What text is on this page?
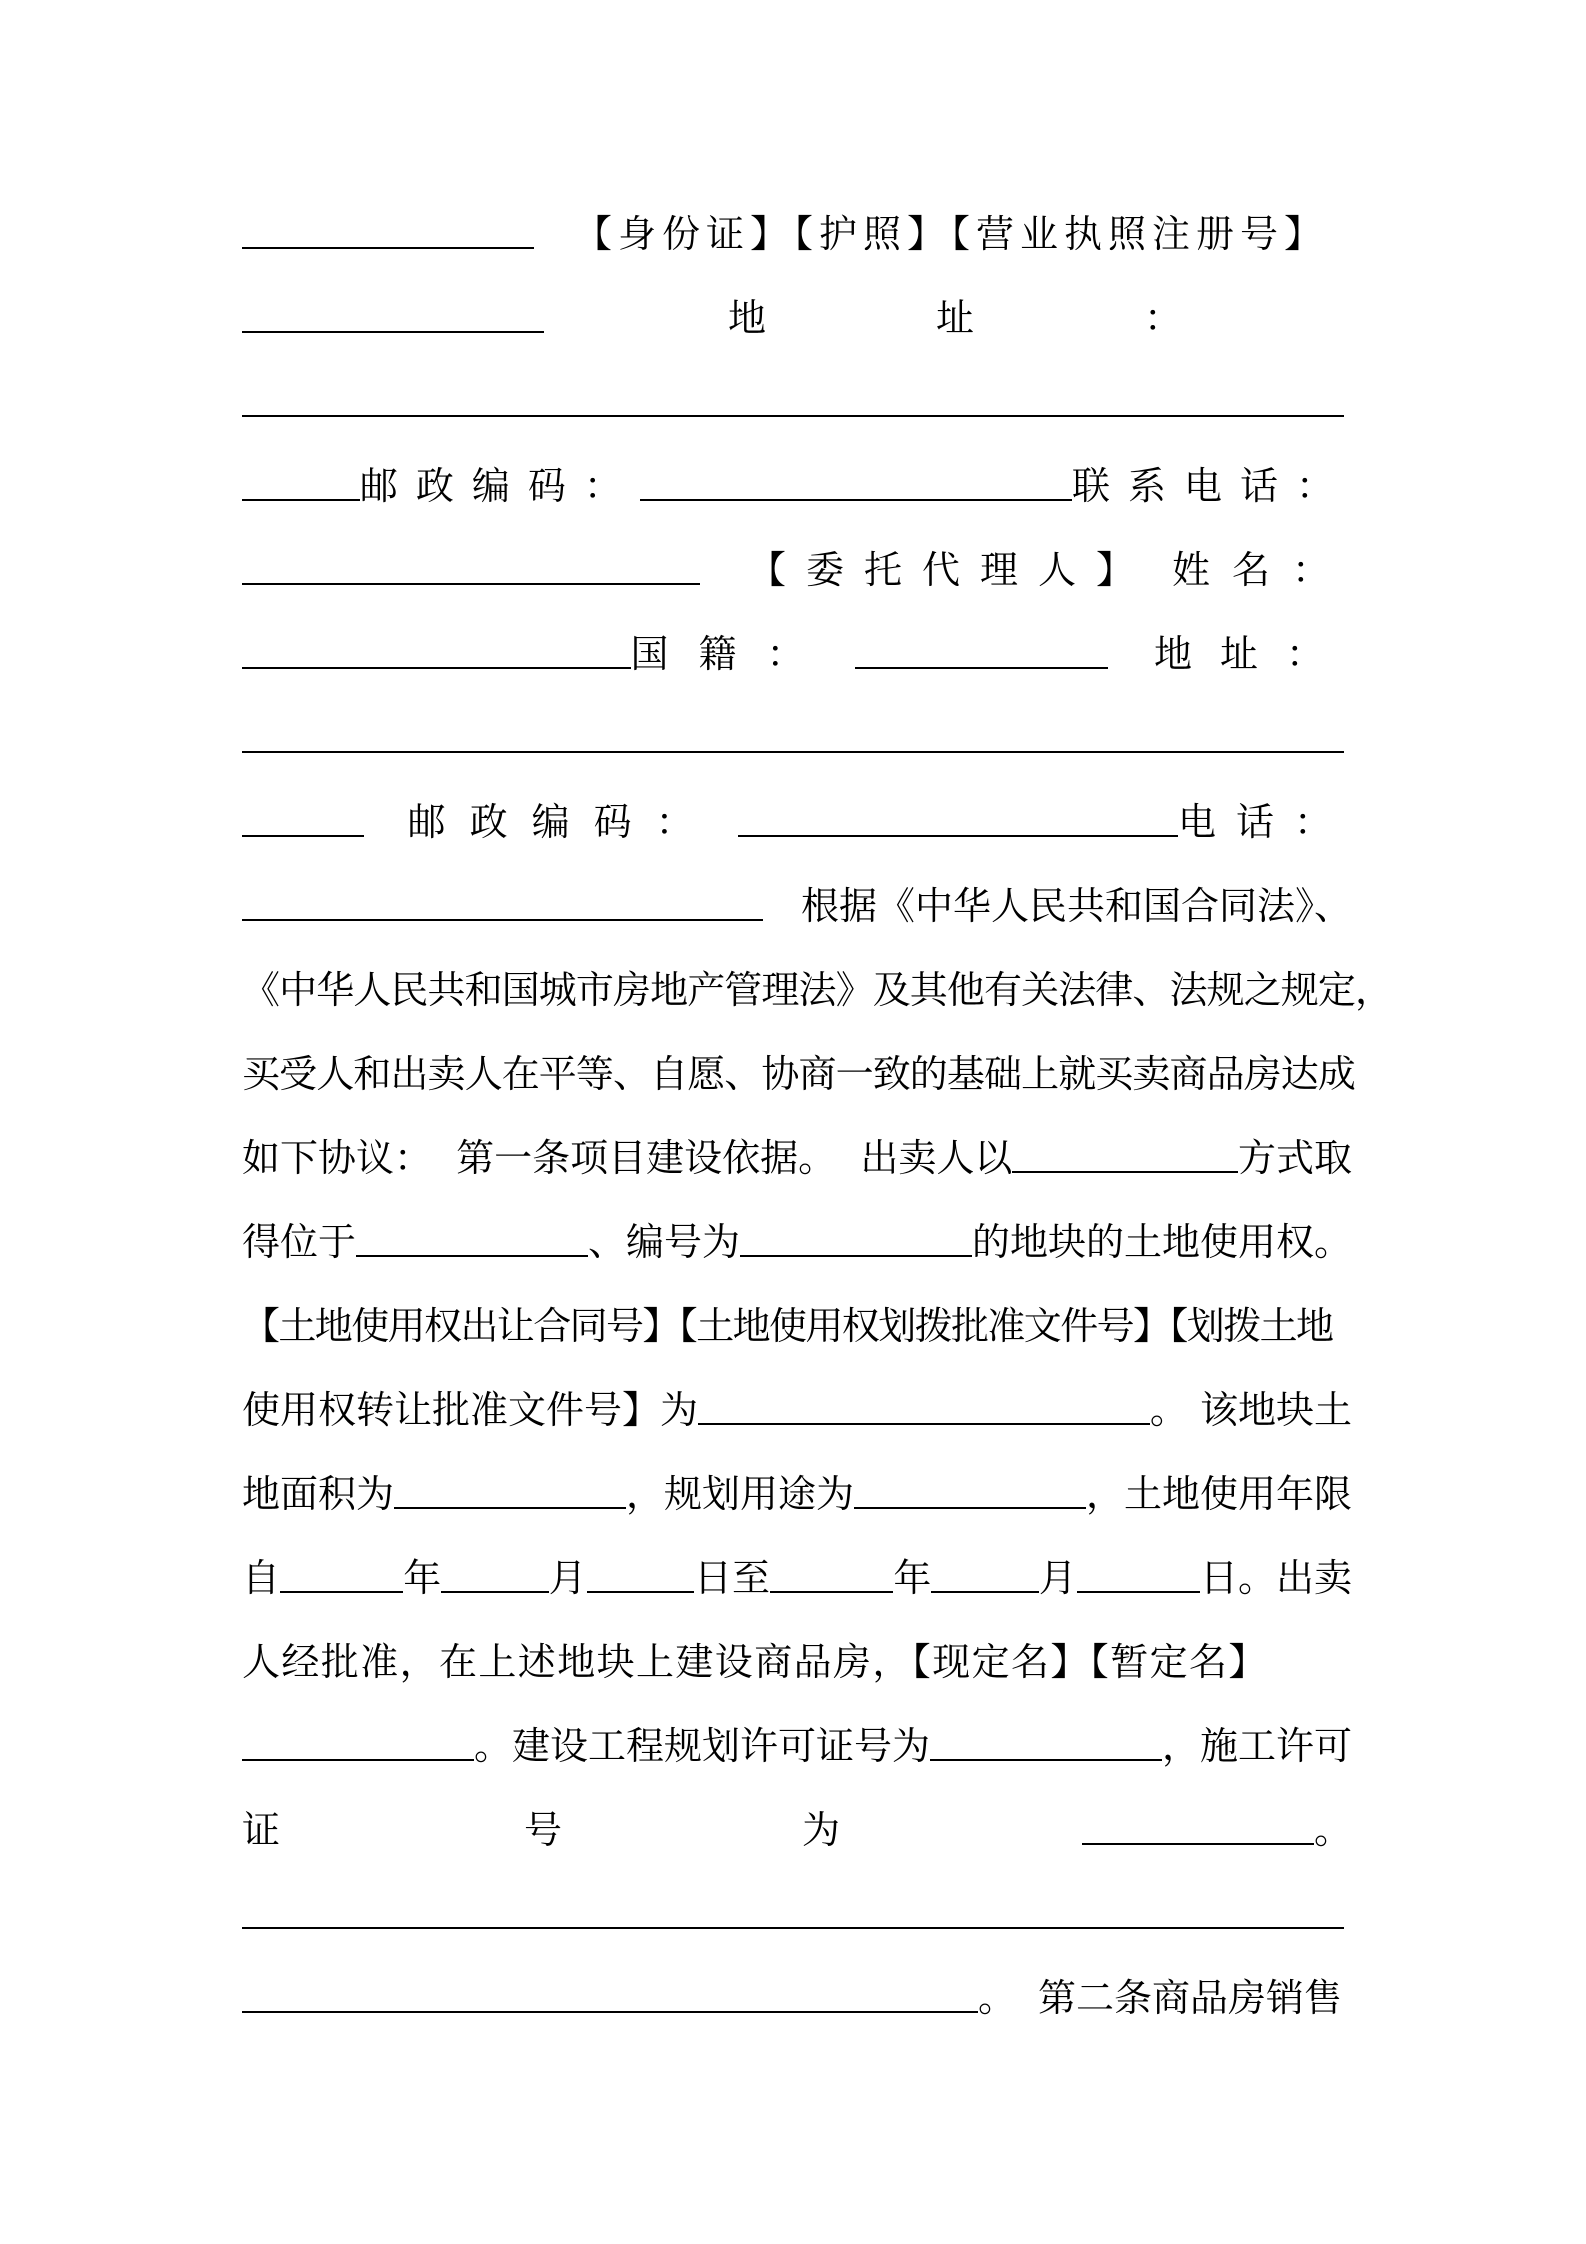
【身份证】【护照】【营业执照注册号】
地址：
邮政编码：	联系电话：
【委托代理人】 姓名：
国籍：	地址：
邮政编码：	电话：
根据《中华人民共和国合同法》、
《中华人民共和国城市房地产管理法》及其他有关法律、法规之规定，
买受人和出卖人在平等、自愿、协商一致的基础上就买卖商品房达成
如下协议：  第一条项目建设依据。  出卖人以	方式取
得位于	、编号为	的地块的土地使用权。
【土地使用权出让合同号】【土地使用权划拨批准文件号】【划拨土地
使用权转让批准文件号】为	。 该地块土
地面积为	，规划用途为	，土地使用年限
自	年	月	日至	年	月	日。出卖
人经批准，在上述地块上建设商品房，【现定名】【暂定名】
。建设工程规划许可证号为	，施工许可
证	号	为	。
。 第二条商品房销售
